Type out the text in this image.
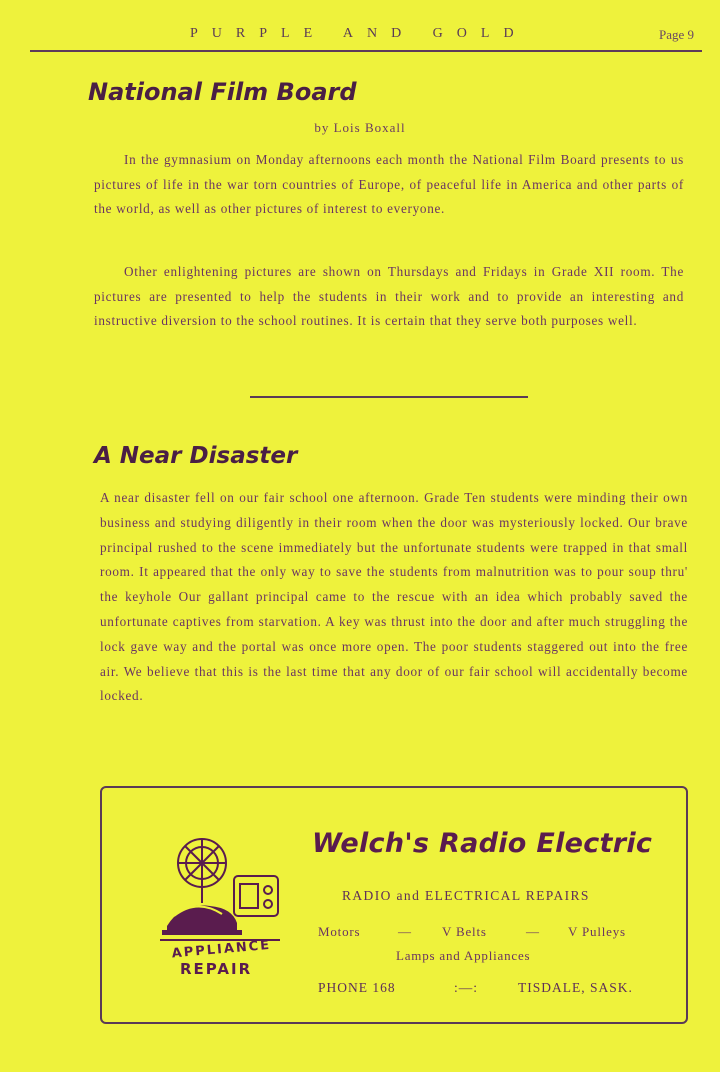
PURPLE AND GOLD	Page 9
National Film Board
by Lois Boxall

In the gymnasium on Monday afternoons each month the National Film Board presents to us pictures of life in the war torn countries of Europe, of peaceful life in America and other parts of the world, as well as other pictures of interest to everyone.

Other enlightening pictures are shown on Thursdays and Fridays in Grade XII room. The pictures are presented to help the students in their work and to provide an interesting and instructive diversion to the school routines. It is certain that they serve both purposes well.

A Near Disaster

A near disaster fell on our fair school one afternoon. Grade Ten students were minding their own business and studying diligently in their room when the door was mysteriously locked. Our brave principal rushed to the scene immediately but the unfortunate students were trapped in that small room. It appeared that the only way to save the students from malnutrition was to pour soup thru' the keyhole Our gallant principal came to the rescue with an idea which probably saved the unfortunate captives from starvation. A key was thrust into the door and after much struggling the lock gave way and the portal was once more open. The poor students staggered out into the free air. We believe that this is the last time that any door of our fair school will accidentally become locked.

APPLIANCE
REPAIR
Welch's Radio Electric
RADIO and ELECTRICAL REPAIRS
Motors	— V Belts	— V Pulleys
Lamps and Appliances
PHONE 168	:—:	TISDALE, SASK.
